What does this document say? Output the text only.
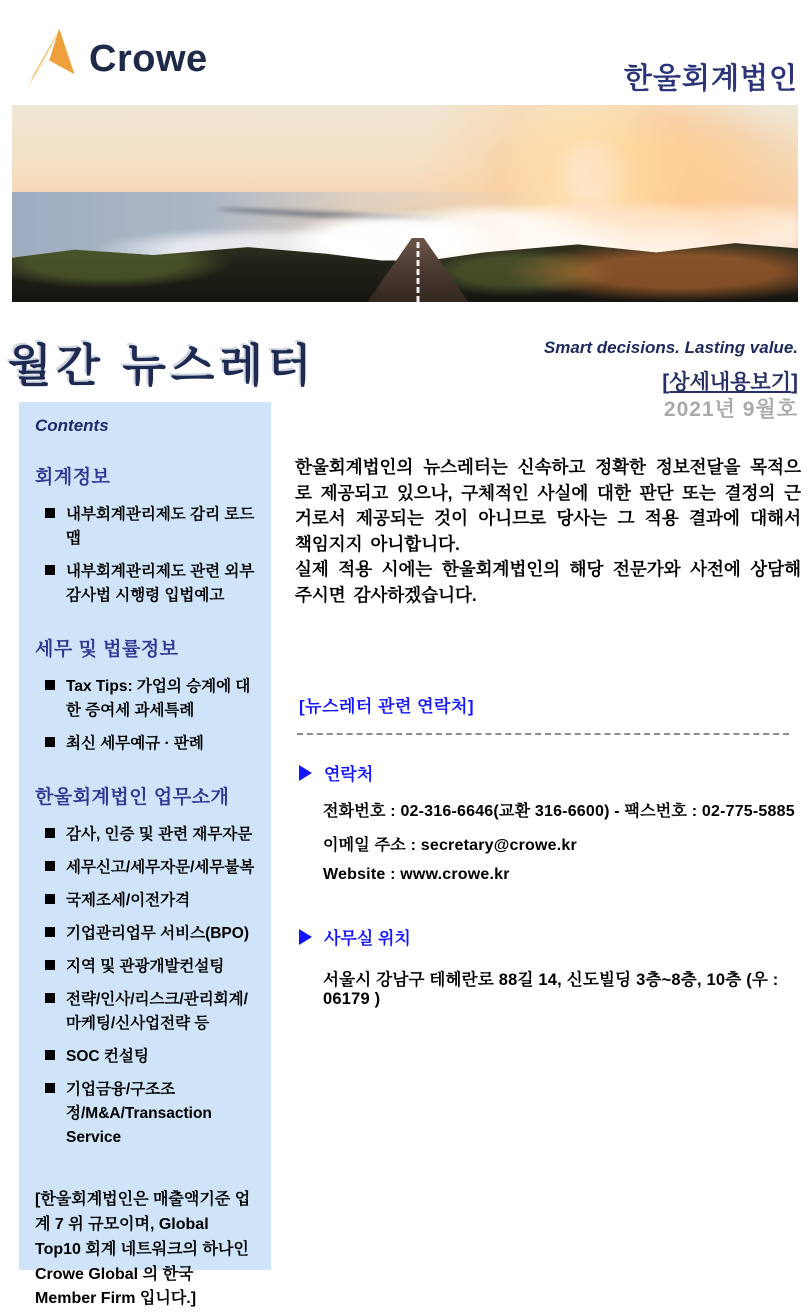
Crowe	한울회계법인
월간 뉴스레터	Smart decisions. Lasting value.
[상세내용보기]
2021년 9월호
Contents
회계정보
내부회계관리제도 감리 로드맵
내부회계관리제도 관련 외부 감사법 시행령 입법예고
세무 및 법률정보
Tax Tips: 가업의 승계에 대한 증여세 과세특례
최신 세무예규 · 판례
한울회계법인 업무소개
감사, 인증 및 관련 재무자문
세무신고/세무자문/세무불복
국제조세/이전가격
기업관리업무 서비스(BPO)
지역 및 관광개발컨설팅
전략/인사/리스크/관리회계/마케팅/신사업전략 등
SOC 컨설팅
기업금융/구조조정/M&A/Transaction Service
[한울회계법인은 매출액기준 업계 7 위 규모이며, Global Top10 회계 네트워크의 하나인 Crowe Global 의 한국 Member Firm 입니다.]

한울회계법인의 뉴스레터는 신속하고 정확한 정보전달을 목적으로 제공되고 있으나, 구체적인 사실에 대한 판단 또는 결정의 근거로서 제공되는 것이 아니므로 당사는 그 적용 결과에 대해서 책임지지 아니합니다.

실제 적용 시에는 한울회계법인의 해당 전문가와 사전에 상담해 주시면 감사하겠습니다.

[뉴스레터 관련 연락처]
연락처
전화번호 : 02-316-6646(교환 316-6600) - 팩스번호 : 02-775-5885
이메일 주소 : secretary@crowe.kr
Website : www.crowe.kr
사무실 위치
서울시 강남구 테헤란로 88길 14, 신도빌딩 3층~8층, 10층 (우 : 06179 )
